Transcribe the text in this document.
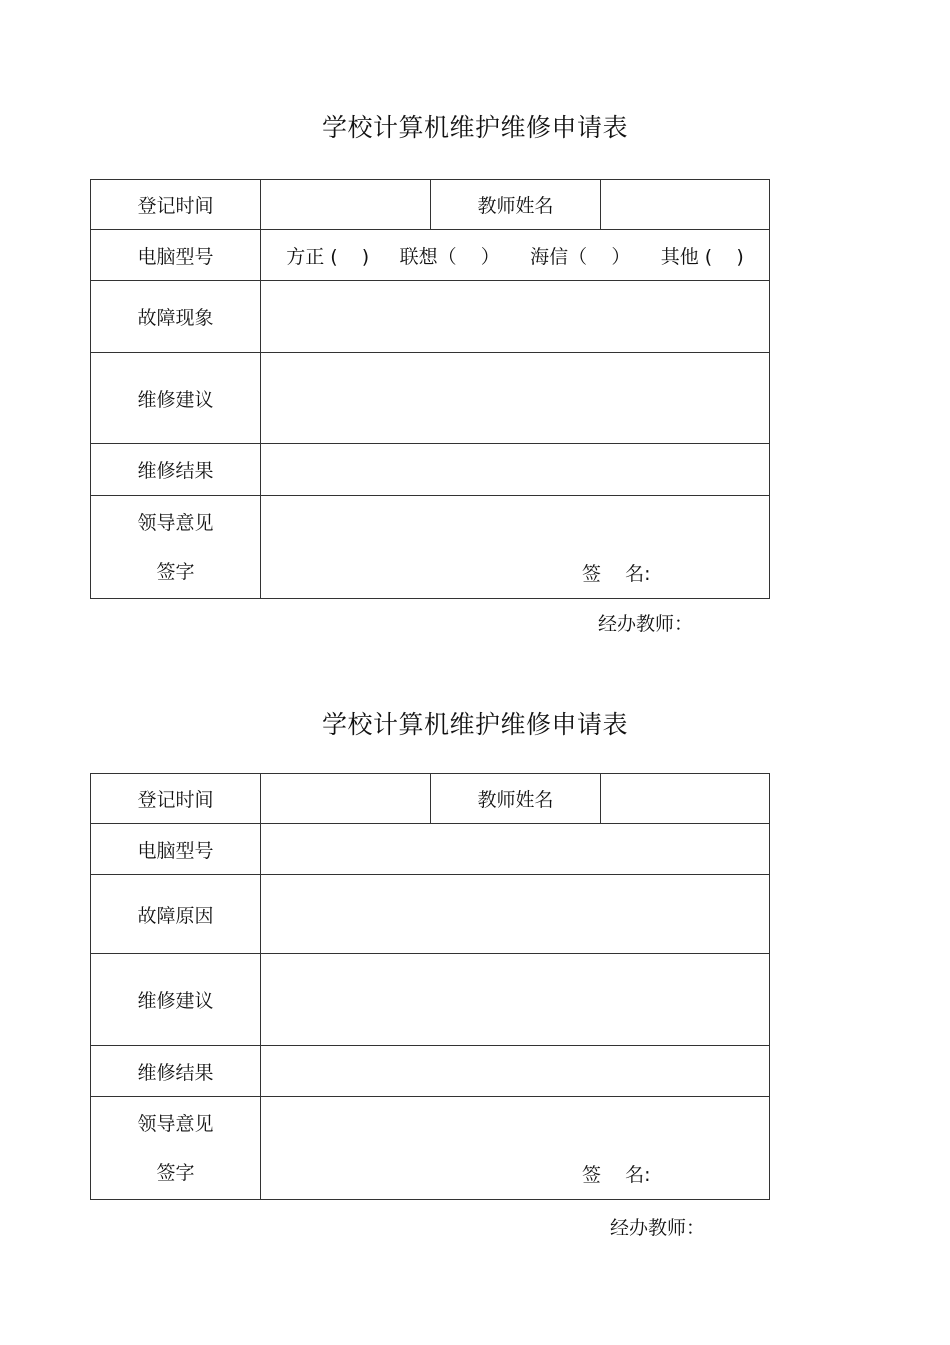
学校计算机维护维修申请表
登记时间		教师姓名	
电脑型号	方正 (    ) 联想（    ） 海信（    ） 其他 (    )		

故障现象			
维修建议			
维修结果			

领导意见
签字	签    名:		
经办教师：
学校计算机维护维修申请表
登记时间		教师姓名	
电脑型号			
故障原因			
维修建议			
维修结果			

领导意见
签字	签    名:		
经办教师：
